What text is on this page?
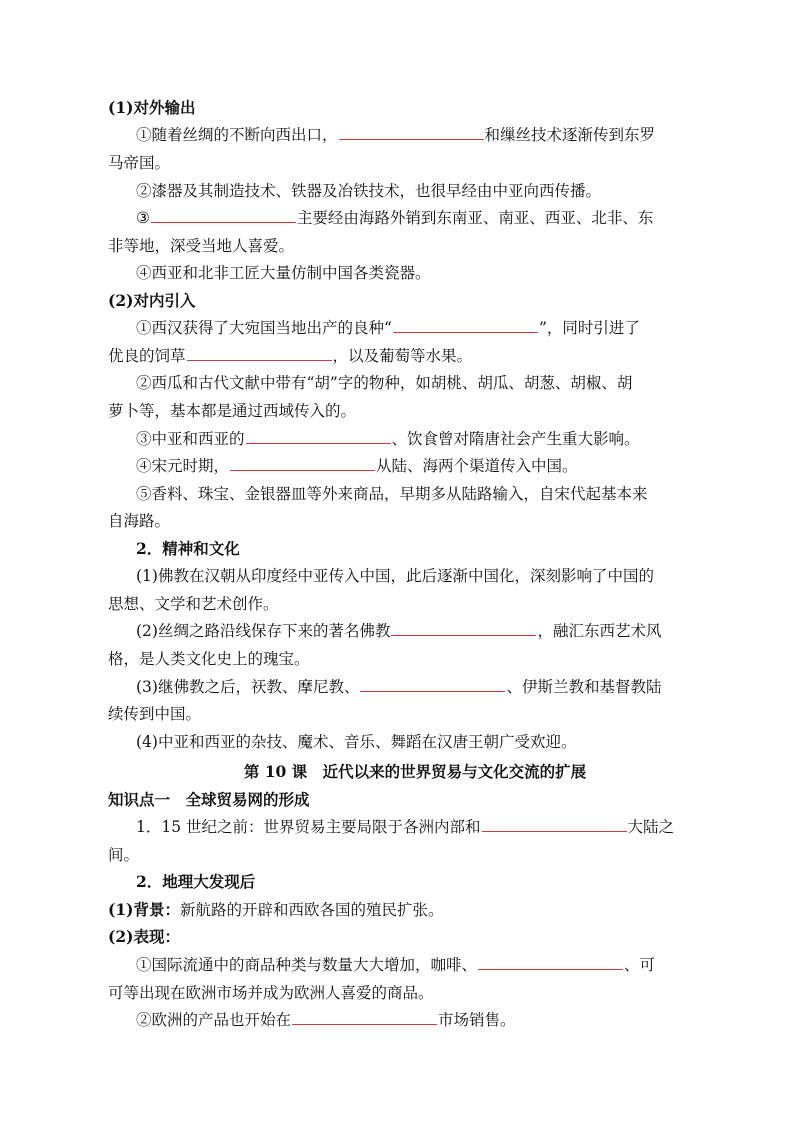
(1)对外输出
①随着丝绸的不断向西出口，	和缫丝技术逐渐传到东罗
马帝国。
②漆器及其制造技术、铁器及冶铁技术，也很早经由中亚向西传播。
③	主要经由海路外销到东南亚、南亚、西亚、北非、东
非等地，深受当地人喜爱。
④西亚和北非工匠大量仿制中国各类瓷器。
(2)对内引入
①西汉获得了大宛国当地出产的良种“	”，同时引进了
优良的饲草	，以及葡萄等水果。
②西瓜和古代文献中带有“胡”字的物种，如胡桃、胡瓜、胡葱、胡椒、胡
萝卜等，基本都是通过西域传入的。
③中亚和西亚的	、饮食曾对隋唐社会产生重大影响。
④宋元时期，	从陆、海两个渠道传入中国。
⑤香料、珠宝、金银器皿等外来商品，早期多从陆路输入，自宋代起基本来
自海路。
2．精神和文化
(1)佛教在汉朝从印度经中亚传入中国，此后逐渐中国化，深刻影响了中国的
思想、文学和艺术创作。
(2)丝绸之路沿线保存下来的著名佛教	，融汇东西艺术风
格，是人类文化史上的瑰宝。
(3)继佛教之后，祆教、摩尼教、	、伊斯兰教和基督教陆
续传到中国。
(4)中亚和西亚的杂技、魔术、音乐、舞蹈在汉唐王朝广受欢迎。
第 10 课　近代以来的世界贸易与文化交流的扩展
知识点一　全球贸易网的形成
1．15 世纪之前：世界贸易主要局限于各洲内部和	大陆之
间。
2．地理大发现后
(1)背景：新航路的开辟和西欧各国的殖民扩张。
(2)表现：
①国际流通中的商品种类与数量大大增加，咖啡、	、可
可等出现在欧洲市场并成为欧洲人喜爱的商品。
②欧洲的产品也开始在	市场销售。
